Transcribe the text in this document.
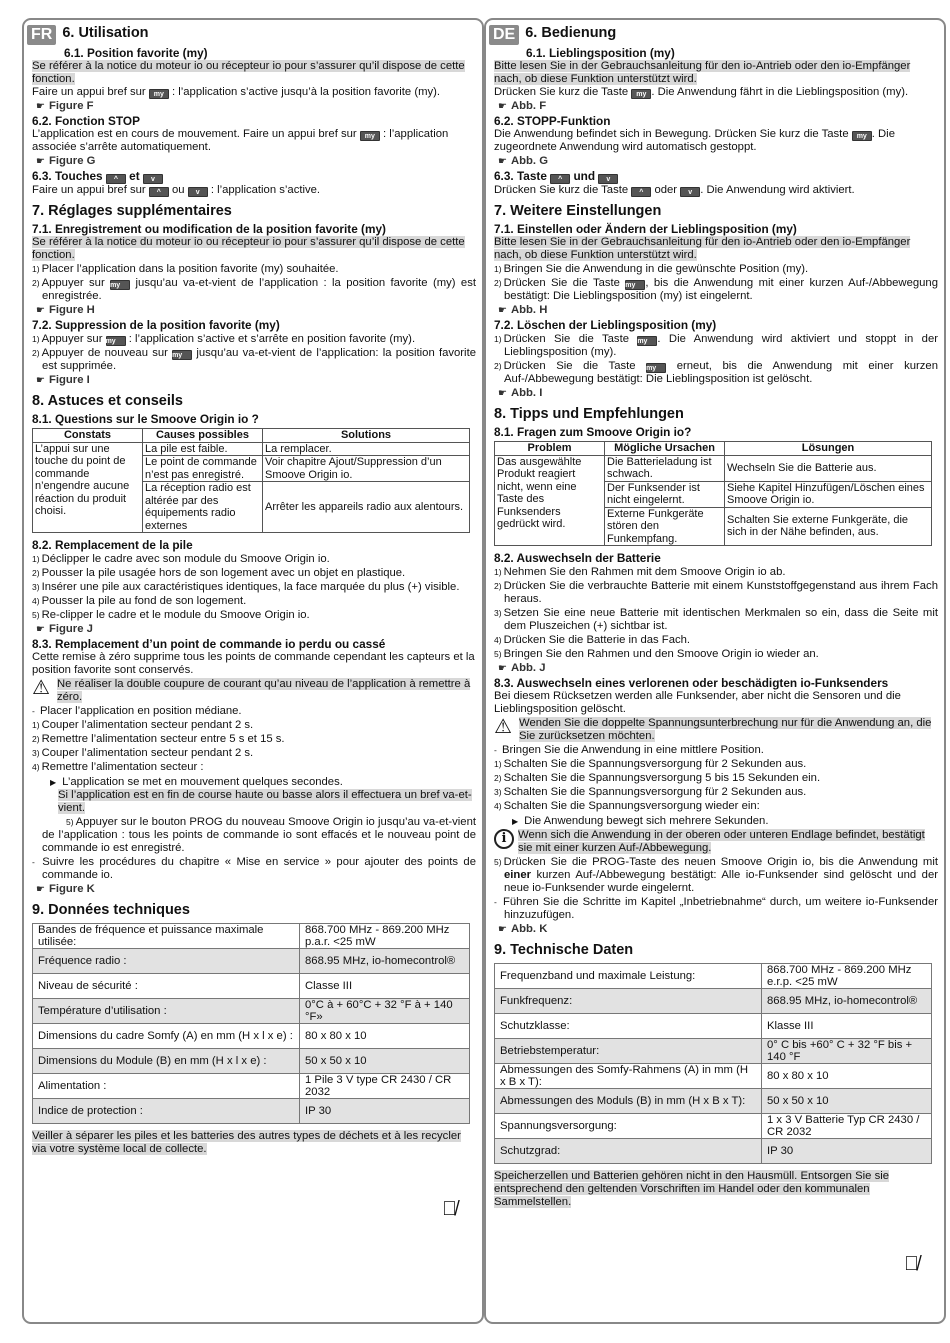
FR 6. Utilisation
6.1. Position favorite (my)
Se référer à la notice du moteur io ou récepteur io pour s’assurer qu’il dispose de cette fonction.
Faire un appui bref sur my : l’application s’active jusqu’à la position favorite (my).
☛ Figure F
6.2. Fonction STOP
L’application est en cours de mouvement. Faire un appui bref sur my : l’application associée s’arrête automatiquement.
☛ Figure G
6.3. Touches ^ et v
Faire un appui bref sur ^ ou v : l’application s’active.
7. Réglages supplémentaires
7.1. Enregistrement ou modification de la position favorite (my)
Se référer à la notice du moteur io ou récepteur io pour s’assurer qu’il dispose de cette fonction.
1) Placer l’application dans la position favorite (my) souhaitée.
2) Appuyer sur my jusqu’au va-et-vient de l’application : la position favorite (my) est enregistrée.
☛ Figure H
7.2. Suppression de la position favorite (my)
1) Appuyer sur my : l’application s’active et s’arrête en position favorite (my).
2) Appuyer de nouveau sur my jusqu’au va-et-vient de l’application: la position favorite est supprimée.
☛ Figure I
8. Astuces et conseils
8.1. Questions sur le Smoove Origin io ?
Constats	Causes possibles	Solutions
L’appui sur une touche du point de commande n’engendre aucune réaction du produit choisi.	La pile est faible.	La remplacer.
	Le point de commande n’est pas enregistré.	Voir chapitre Ajout/Suppression d’un Smoove Origin io.
	La réception radio est altérée par des équipements radio externes	Arrêter les appareils radio aux alentours.
8.2. Remplacement de la pile
1) Déclipper le cadre avec son module du Smoove Origin io.
2) Pousser la pile usagée hors de son logement avec un objet en plastique.
3) Insérer une pile aux caractéristiques identiques, la face marquée du plus (+) visible.
4) Pousser la pile au fond de son logement.
5) Re-clipper le cadre et le module du Smoove Origin io.
☛ Figure J
8.3. Remplacement d’un point de commande io perdu ou cassé
Cette remise à zéro supprime tous les points de commande cependant les capteurs et la position favorite sont conservés.
⚠ Ne réaliser la double coupure de courant qu’au niveau de l’application à remettre à zéro.
- Placer l’application en position médiane.
1) Couper l’alimentation secteur pendant 2 s.
2) Remettre l’alimentation secteur entre 5 s et 15 s.
3) Couper l’alimentation secteur pendant 2 s.
4) Remettre l’alimentation secteur :
▶ L’application se met en mouvement quelques secondes.
Si l’application est en fin de course haute ou basse alors il effectuera un bref va-et-vient.
5) Appuyer sur le bouton PROG du nouveau Smoove Origin io jusqu’au va-et-vient de l’application : tous les points de commande io sont effacés et le nouveau point de commande io est enregistré.
- Suivre les procédures du chapitre « Mise en service » pour ajouter des points de commande io.
☛ Figure K
9. Données techniques
Bandes de fréquence et puissance maximale utilisée:	868.700 MHz - 869.200 MHz p.a.r. <25 mW
Fréquence radio :	868.95 MHz, io-homecontrol®
Niveau de sécurité :	Classe III
Température d’utilisation :	0°C à + 60°C + 32 °F à + 140 °F»
Dimensions du cadre Somfy (A) en mm (H x l x e) :	80 x 80 x 10
Dimensions du Module (B) en mm (H x l x e) :	50 x 50 x 10
Alimentation :	1 Pile 3 V type CR 2430 / CR 2032
Indice de protection :	IP 30
Veiller à séparer les piles et les batteries des autres types de déchets et à les recycler via votre système local de collecte.
🗑̸
DE 6. Bedienung
6.1. Lieblingsposition (my)
Bitte lesen Sie in der Gebrauchsanleitung für den io-Antrieb oder den io-Empfänger nach, ob diese Funktion unterstützt wird.
Drücken Sie kurz die Taste my . Die Anwendung fährt in die Lieblingsposition (my).
☛ Abb. F
6.2. STOPP-Funktion
Die Anwendung befindet sich in Bewegung. Drücken Sie kurz die Taste my . Die zugeordnete Anwendung wird automatisch gestoppt.
☛ Abb. G
6.3. Taste ^ und v
Drücken Sie kurz die Taste ^ oder v . Die Anwendung wird aktiviert.
7. Weitere Einstellungen
7.1. Einstellen oder Ändern der Lieblingsposition (my)
Bitte lesen Sie in der Gebrauchsanleitung für den io-Antrieb oder den io-Empfänger nach, ob diese Funktion unterstützt wird.
1) Bringen Sie die Anwendung in die gewünschte Position (my).
2) Drücken Sie die Taste my , bis die Anwendung mit einer kurzen Auf-/Abbewegung bestätigt: Die Lieblingsposition (my) ist eingelernt.
☛ Abb. H
7.2. Löschen der Lieblingsposition (my)
1) Drücken Sie die Taste my . Die Anwendung wird aktiviert und stoppt in der Lieblingsposition (my).
2) Drücken Sie die Taste my erneut, bis die Anwendung mit einer kurzen Auf-/Abbewegung bestätigt: Die Lieblingsposition ist gelöscht.
☛ Abb. I
8. Tipps und Empfehlungen
8.1. Fragen zum Smoove Origin io?
Problem	Mögliche Ursachen	Lösungen
Das ausgewählte Produkt reagiert nicht, wenn eine Taste des Funksenders gedrückt wird.	Die Batterieladung ist schwach.	Wechseln Sie die Batterie aus.
	Der Funksender ist nicht eingelernt.	Siehe Kapitel Hinzufügen/Löschen eines Smoove Origin io.
	Externe Funkgeräte stören den Funkempfang.	Schalten Sie externe Funkgeräte, die sich in der Nähe befinden, aus.
8.2. Auswechseln der Batterie
1) Nehmen Sie den Rahmen mit dem Smoove Origin io ab.
2) Drücken Sie die verbrauchte Batterie mit einem Kunststoffgegenstand aus ihrem Fach heraus.
3) Setzen Sie eine neue Batterie mit identischen Merkmalen so ein, dass die Seite mit dem Pluszeichen (+) sichtbar ist.
4) Drücken Sie die Batterie in das Fach.
5) Bringen Sie den Rahmen und den Smoove Origin io wieder an.
☛ Abb. J
8.3. Auswechseln eines verlorenen oder beschädigten io-Funksenders
Bei diesem Rücksetzen werden alle Funksender, aber nicht die Sensoren und die Lieblingsposition gelöscht.
⚠ Wenden Sie die doppelte Spannungsunterbrechung nur für die Anwendung an, die Sie zurücksetzen möchten.
- Bringen Sie die Anwendung in eine mittlere Position.
1) Schalten Sie die Spannungsversorgung für 2 Sekunden aus.
2) Schalten Sie die Spannungsversorgung 5 bis 15 Sekunden ein.
3) Schalten Sie die Spannungsversorgung für 2 Sekunden aus.
4) Schalten Sie die Spannungsversorgung wieder ein:
▶ Die Anwendung bewegt sich mehrere Sekunden.
i	Wenn sich die Anwendung in der oberen oder unteren Endlage befindet, bestätigt sie mit einer kurzen Auf-/Abbewegung.
5) Drücken Sie die PROG-Taste des neuen Smoove Origin io, bis die Anwendung mit einer kurzen Auf-/Abbewegung bestätigt: Alle io-Funksender sind gelöscht und der neue io-Funksender wurde eingelernt.
- Führen Sie die Schritte im Kapitel „Inbetriebnahme“ durch, um weitere io-Funksender hinzuzufügen.
☛ Abb. K
9. Technische Daten
Frequenzband und maximale Leistung:	868.700 MHz - 869.200 MHz e.r.p. <25 mW
Funkfrequenz:	868.95 MHz, io-homecontrol®
Schutzklasse:	Klasse III
Betriebstemperatur:	0° C bis +60° C + 32 °F bis + 140 °F
Abmessungen des Somfy-Rahmens (A) in mm (H x B x T):	80 x 80 x 10
Abmessungen des Moduls (B) in mm (H x B x T):	50 x 50 x 10
Spannungsversorgung:	1 x 3 V Batterie Typ CR 2430 / CR 2032
Schutzgrad:	IP 30
Speicherzellen und Batterien gehören nicht in den Hausmüll. Entsorgen Sie sie entsprechend den geltenden Vorschriften im Handel oder den kommunalen Sammelstellen.
🗑̸
